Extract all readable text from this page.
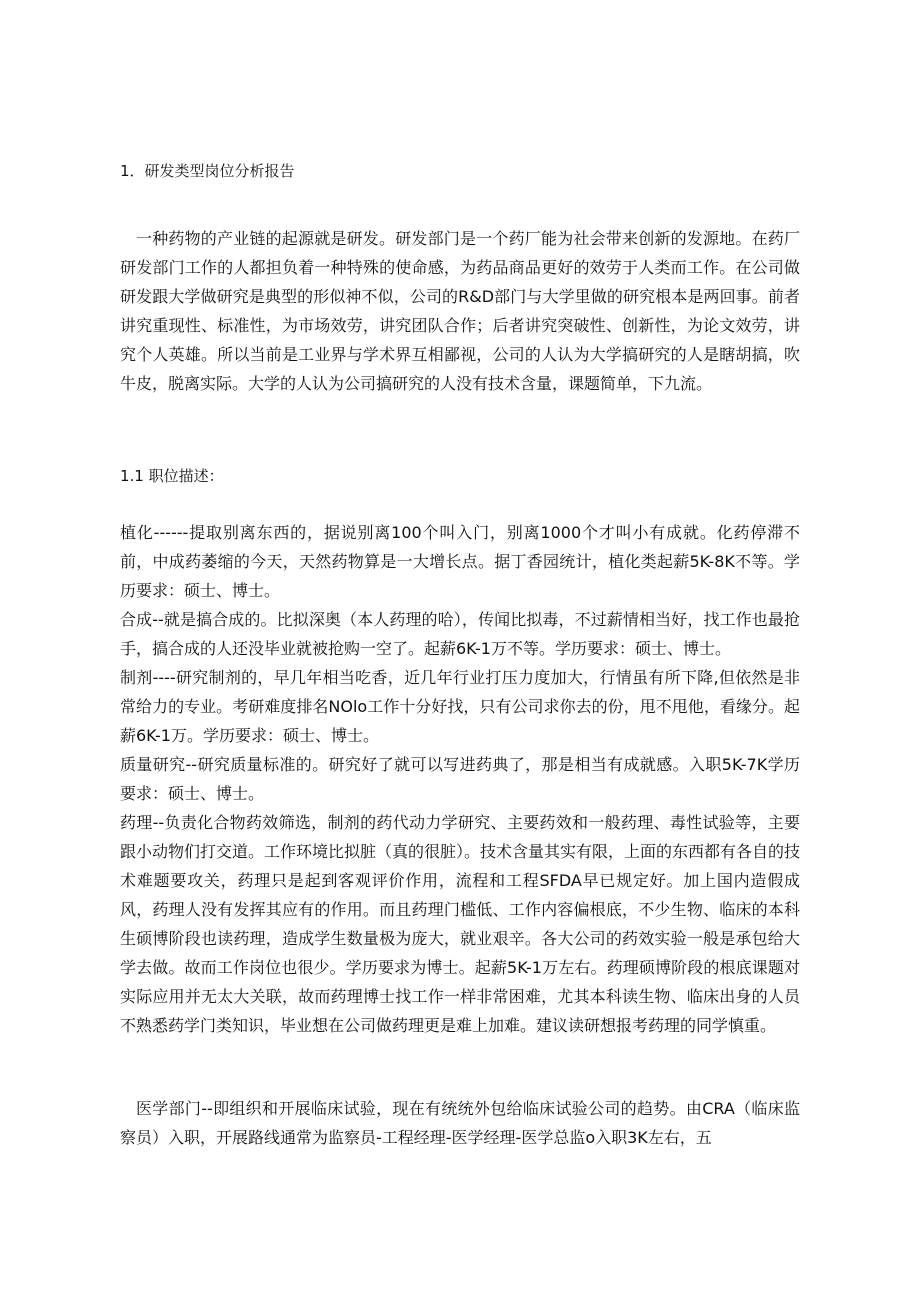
1．研发类型岗位分析报告

一种药物的产业链的起源就是研发。研发部门是一个药厂能为社会带来创新的发源地。在药厂研发部门工作的人都担负着一种特殊的使命感，为药品商品更好的效劳于人类而工作。在公司做研发跟大学做研究是典型的形似神不似，公司的R&D部门与大学里做的研究根本是两回事。前者讲究重现性、标准性，为市场效劳，讲究团队合作；后者讲究突破性、创新性，为论文效劳，讲究个人英雄。所以当前是工业界与学术界互相鄙视，公司的人认为大学搞研究的人是瞎胡搞，吹牛皮，脱离实际。大学的人认为公司搞研究的人没有技术含量，课题简单，下九流。

1.1 职位描述：

植化------提取别离东西的，据说别离100个叫入门，别离1000个才叫小有成就。化药停滞不前，中成药萎缩的今天，天然药物算是一大增长点。据丁香园统计，植化类起薪5K-8K不等。学历要求：硕士、博士。

合成--就是搞合成的。比拟深奥（本人药理的哈），传闻比拟毒，不过薪情相当好，找工作也最抢手，搞合成的人还没毕业就被抢购一空了。起薪6K-1万不等。学历要求：硕士、博士。

制剂----研究制剂的，早几年相当吃香，近几年行业打压力度加大，行情虽有所下降,但依然是非常给力的专业。考研难度排名NOlo工作十分好找，只有公司求你去的份，甩不甩他，看缘分。起薪6K-1万。学历要求：硕士、博士。

质量研究--研究质量标准的。研究好了就可以写进药典了，那是相当有成就感。入职5K-7K学历要求：硕士、博士。

药理--负责化合物药效筛选，制剂的药代动力学研究、主要药效和一般药理、毒性试验等，主要跟小动物们打交道。工作环境比拟脏（真的很脏）。技术含量其实有限，上面的东西都有各自的技术难题要攻关，药理只是起到客观评价作用，流程和工程SFDA早已规定好。加上国内造假成风，药理人没有发挥其应有的作用。而且药理门槛低、工作内容偏根底，不少生物、临床的本科生硕博阶段也读药理，造成学生数量极为庞大，就业艰辛。各大公司的药效实验一般是承包给大学去做。故而工作岗位也很少。学历要求为博士。起薪5K-1万左右。药理硕博阶段的根底课题对实际应用并无太大关联，故而药理博士找工作一样非常困难，尤其本科读生物、临床出身的人员不熟悉药学门类知识，毕业想在公司做药理更是难上加难。建议读研想报考药理的同学慎重。

医学部门--即组织和开展临床试验，现在有统统外包给临床试验公司的趋势。由CRA（临床监察员）入职，开展路线通常为监察员-工程经理-医学经理-医学总监o入职3K左右，五
